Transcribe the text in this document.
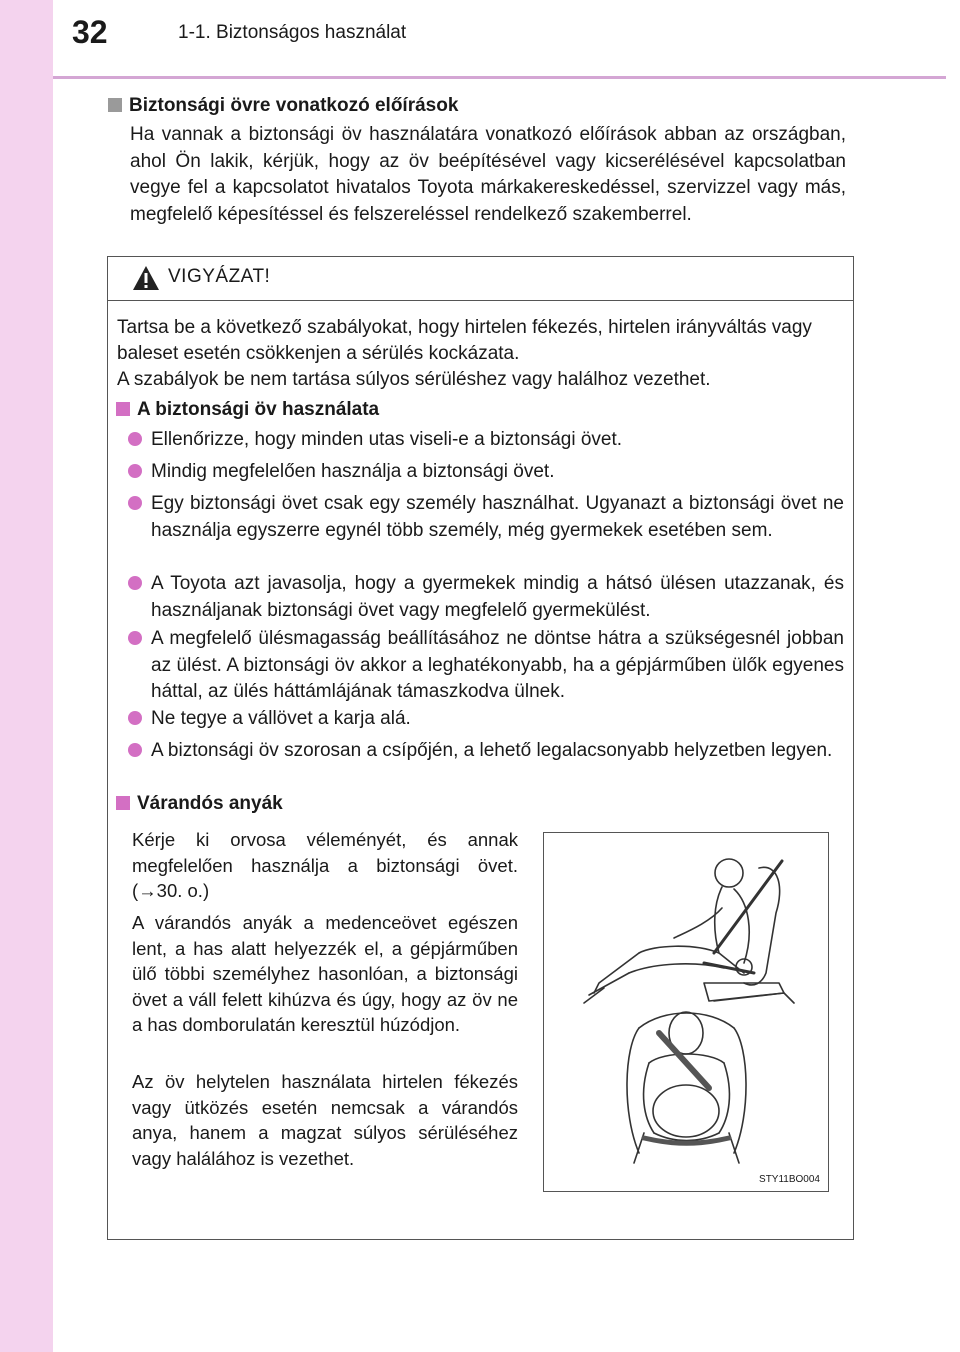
32	1-1. Biztonságos használat
Biztonsági övre vonatkozó előírások
Ha vannak a biztonsági öv használatára vonatkozó előírások abban az országban, ahol Ön lakik, kérjük, hogy az öv beépítésével vagy kicserélésével kapcsolatban vegye fel a kapcsolatot hivatalos Toyota márkakereskedéssel, szervizzel vagy más, megfelelő képesítéssel és felszereléssel rendelkező szakemberrel.
VIGYÁZAT!
Tartsa be a következő szabályokat, hogy hirtelen fékezés, hirtelen irányváltás vagy baleset esetén csökkenjen a sérülés kockázata.
A szabályok be nem tartása súlyos sérüléshez vagy halálhoz vezethet.
A biztonsági öv használata
Ellenőrizze, hogy minden utas viseli-e a biztonsági övet.
Mindig megfelelően használja a biztonsági övet.
Egy biztonsági övet csak egy személy használhat. Ugyanazt a biztonsági övet ne használja egyszerre egynél több személy, még gyermekek esetében sem.
A Toyota azt javasolja, hogy a gyermekek mindig a hátsó ülésen utazzanak, és használjanak biztonsági övet vagy megfelelő gyermekülést.
A megfelelő ülésmagasság beállításához ne döntse hátra a szükségesnél jobban az ülést. A biztonsági öv akkor a leghatékonyabb, ha a gépjárműben ülők egyenes háttal, az ülés háttámlájának támaszkodva ülnek.
Ne tegye a vállövet a karja alá.
A biztonsági öv szorosan a csípőjén, a lehető legalacsonyabb helyzetben legyen.
Várandós anyák
Kérje ki orvosa véleményét, és annak megfelelően használja a biztonsági övet. (→30. o.)
A várandós anyák a medenceövet egészen lent, a has alatt helyezzék el, a gépjárműben ülő többi személyhez hasonlóan, a biztonsági övet a váll felett kihúzva és úgy, hogy az öv ne a has domborulatán keresztül húzódjon.
Az öv helytelen használata hirtelen fékezés vagy ütközés esetén nemcsak a várandós anya, hanem a magzat súlyos sérüléséhez vagy halálához is vezethet.
STY11BO004
